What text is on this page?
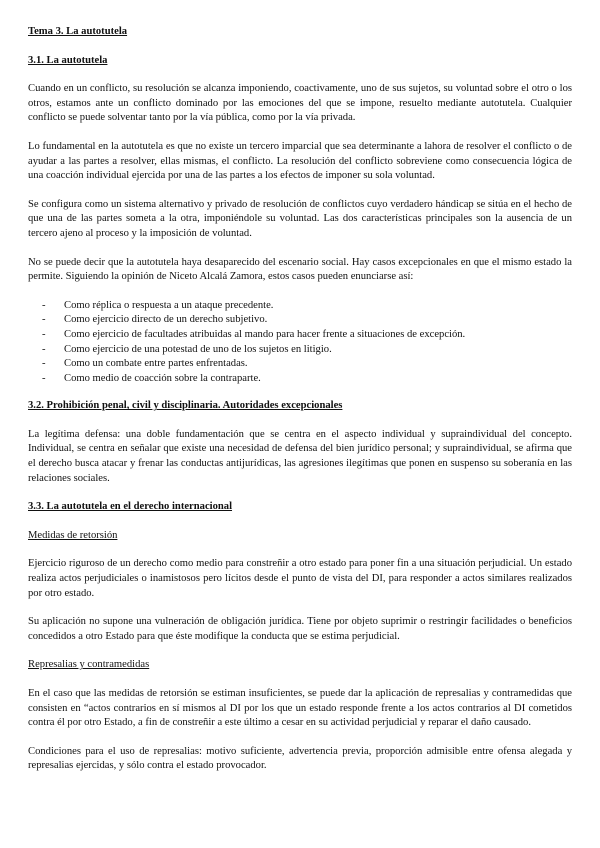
Tema 3. La autotutela
3.1. La autotutela

Cuando en un conflicto, su resolución se alcanza imponiendo, coactivamente, uno de sus sujetos, su voluntad sobre el otro o los otros, estamos ante un conflicto dominado por las emociones del que se impone, resuelto mediante autotutela. Cualquier conflicto se puede solventar tanto por la vía pública, como por la vía privada.

Lo fundamental en la autotutela es que no existe un tercero imparcial que sea determinante a lahora de resolver el conflicto o de ayudar a las partes a resolver, ellas mismas, el conflicto. La resolución del conflicto sobreviene como consecuencia lógica de una coacción individual ejercida por una de las partes a los efectos de imponer su sola voluntad.

Se configura como un sistema alternativo y privado de resolución de conflictos cuyo verdadero hándicap se sitúa en el hecho de que una de las partes someta a la otra, imponiéndole su voluntad. Las dos características principales son la ausencia de un tercero ajeno al proceso y la imposición de voluntad.

No se puede decir que la autotutela haya desaparecido del escenario social. Hay casos excepcionales en que el mismo estado la permite. Siguiendo la opinión de Niceto Alcalá Zamora, estos casos pueden enunciarse así:

- Como réplica o respuesta a un ataque precedente.
- Como ejercicio directo de un derecho subjetivo.
- Como ejercicio de facultades atribuidas al mando para hacer frente a situaciones de excepción.
- Como ejercicio de una potestad de uno de los sujetos en litigio.
- Como un combate entre partes enfrentadas.
- Como medio de coacción sobre la contraparte.
3.2. Prohibición penal, civil y disciplinaria. Autoridades excepcionales

La legítima defensa: una doble fundamentación que se centra en el aspecto individual y supraindividual del concepto. Individual, se centra en señalar que existe una necesidad de defensa del bien jurídico personal; y supraindividual, se afirma que el derecho busca atacar y frenar las conductas antijurídicas, las agresiones ilegítimas que ponen en suspenso su soberanía en las relaciones sociales.

3.3. La autotutela en el derecho internacional
Medidas de retorsión

Ejercicio riguroso de un derecho como medio para constreñir a otro estado para poner fin a una situación perjudicial. Un estado realiza actos perjudiciales o inamistosos pero lícitos desde el punto de vista del DI, para responder a actos similares realizados por otro estado.

Su aplicación no supone una vulneración de obligación jurídica. Tiene por objeto suprimir o restringir facilidades o beneficios concedidos a otro Estado para que éste modifique la conducta que se estima perjudicial.

Represalias y contramedidas

En el caso que las medidas de retorsión se estiman insuficientes, se puede dar la aplicación de represalias y contramedidas que consisten en “actos contrarios en sí mismos al DI por los que un estado responde frente a los actos contrarios al DI cometidos contra él por otro Estado, a fin de constreñir a este último a cesar en su actividad perjudicial y reparar el daño causado.

Condiciones para el uso de represalias: motivo suficiente, advertencia previa, proporción admisible entre ofensa alegada y represalias ejercidas, y sólo contra el estado provocador.
